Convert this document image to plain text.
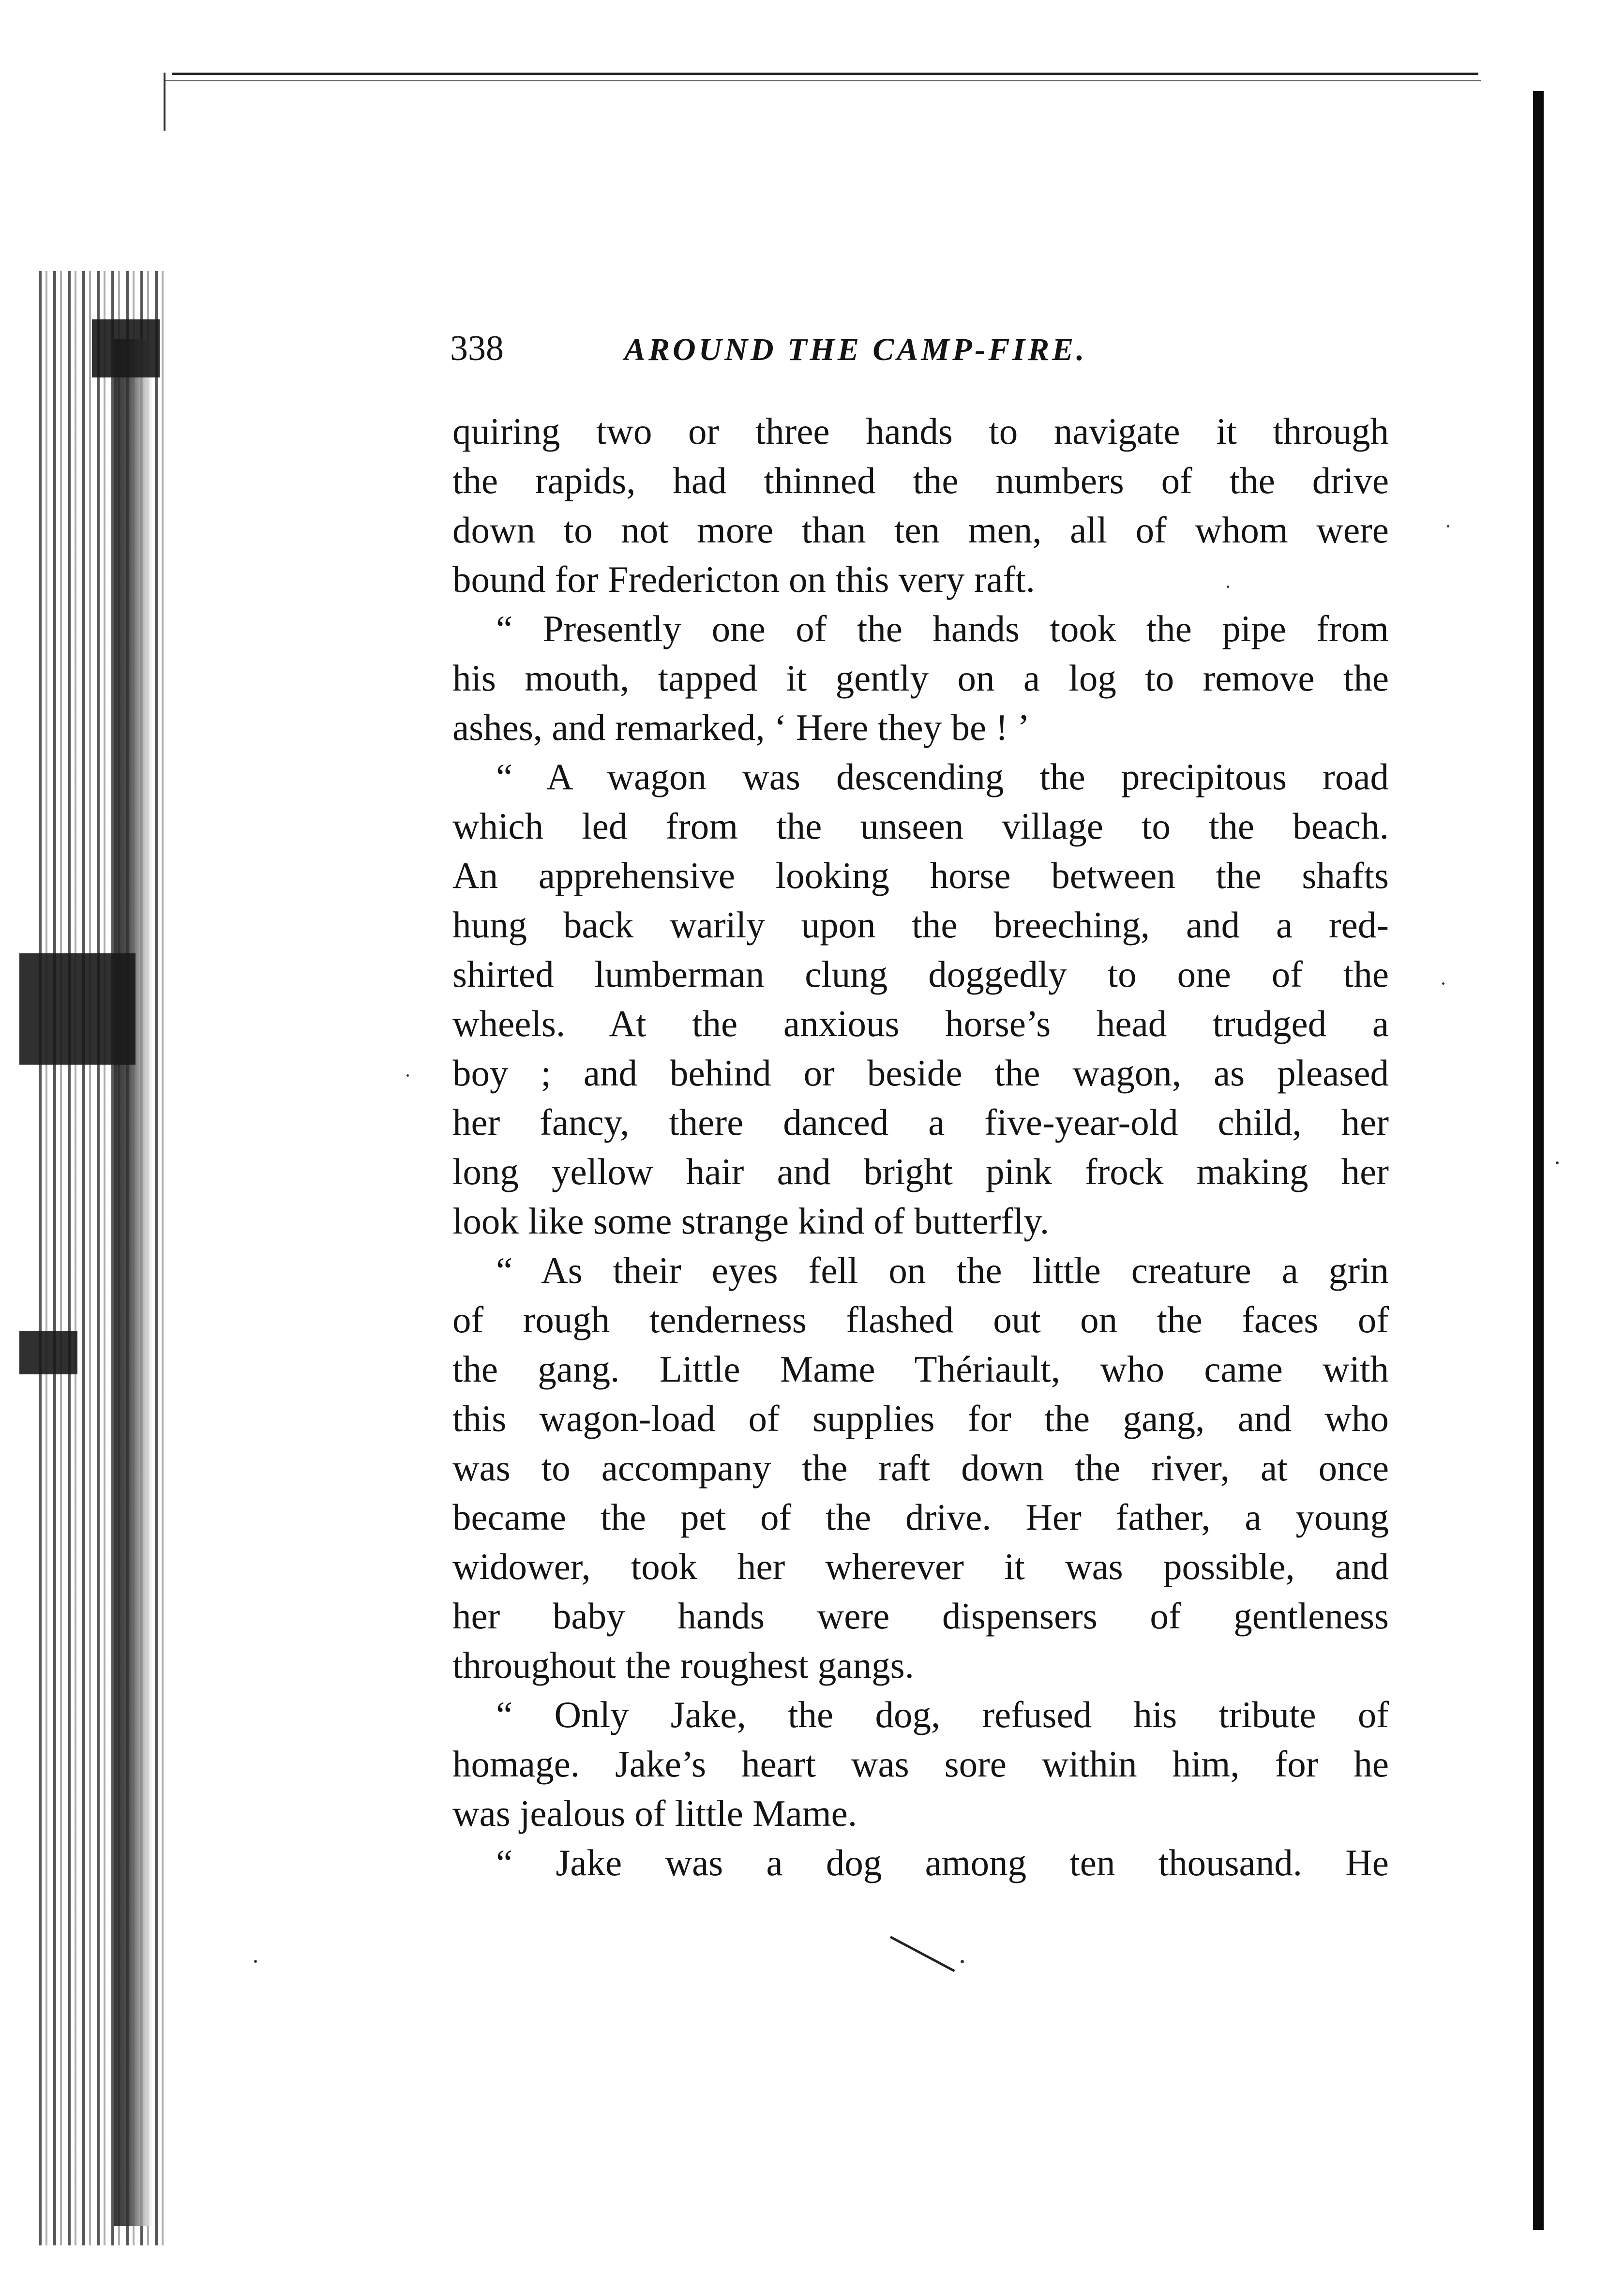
338	AROUND THE CAMP-FIRE.
quiring two or three hands to navigate it through
the rapids, had thinned the numbers of the drive
down to not more than ten men, all of whom were
bound for Fredericton on this very raft.
“ Presently one of the hands took the pipe from
his mouth, tapped it gently on a log to remove the
ashes, and remarked, ‘ Here they be ! ’
“ A wagon was descending the precipitous road
which led from the unseen village to the beach.
An apprehensive looking horse between the shafts
hung back warily upon the breeching, and a red-
shirted lumberman clung doggedly to one of the
wheels. At the anxious horse’s head trudged a
boy ; and behind or beside the wagon, as pleased
her fancy, there danced a five-year-old child, her
long yellow hair and bright pink frock making her
look like some strange kind of butterfly.
“ As their eyes fell on the little creature a grin
of rough tenderness flashed out on the faces of
the gang. Little Mame Thériault, who came with
this wagon-load of supplies for the gang, and who
was to accompany the raft down the river, at once
became the pet of the drive. Her father, a young
widower, took her wherever it was possible, and
her baby hands were dispensers of gentleness
throughout the roughest gangs.
“ Only Jake, the dog, refused his tribute of
homage. Jake’s heart was sore within him, for he
was jealous of little Mame.
“ Jake was a dog among ten thousand. He
